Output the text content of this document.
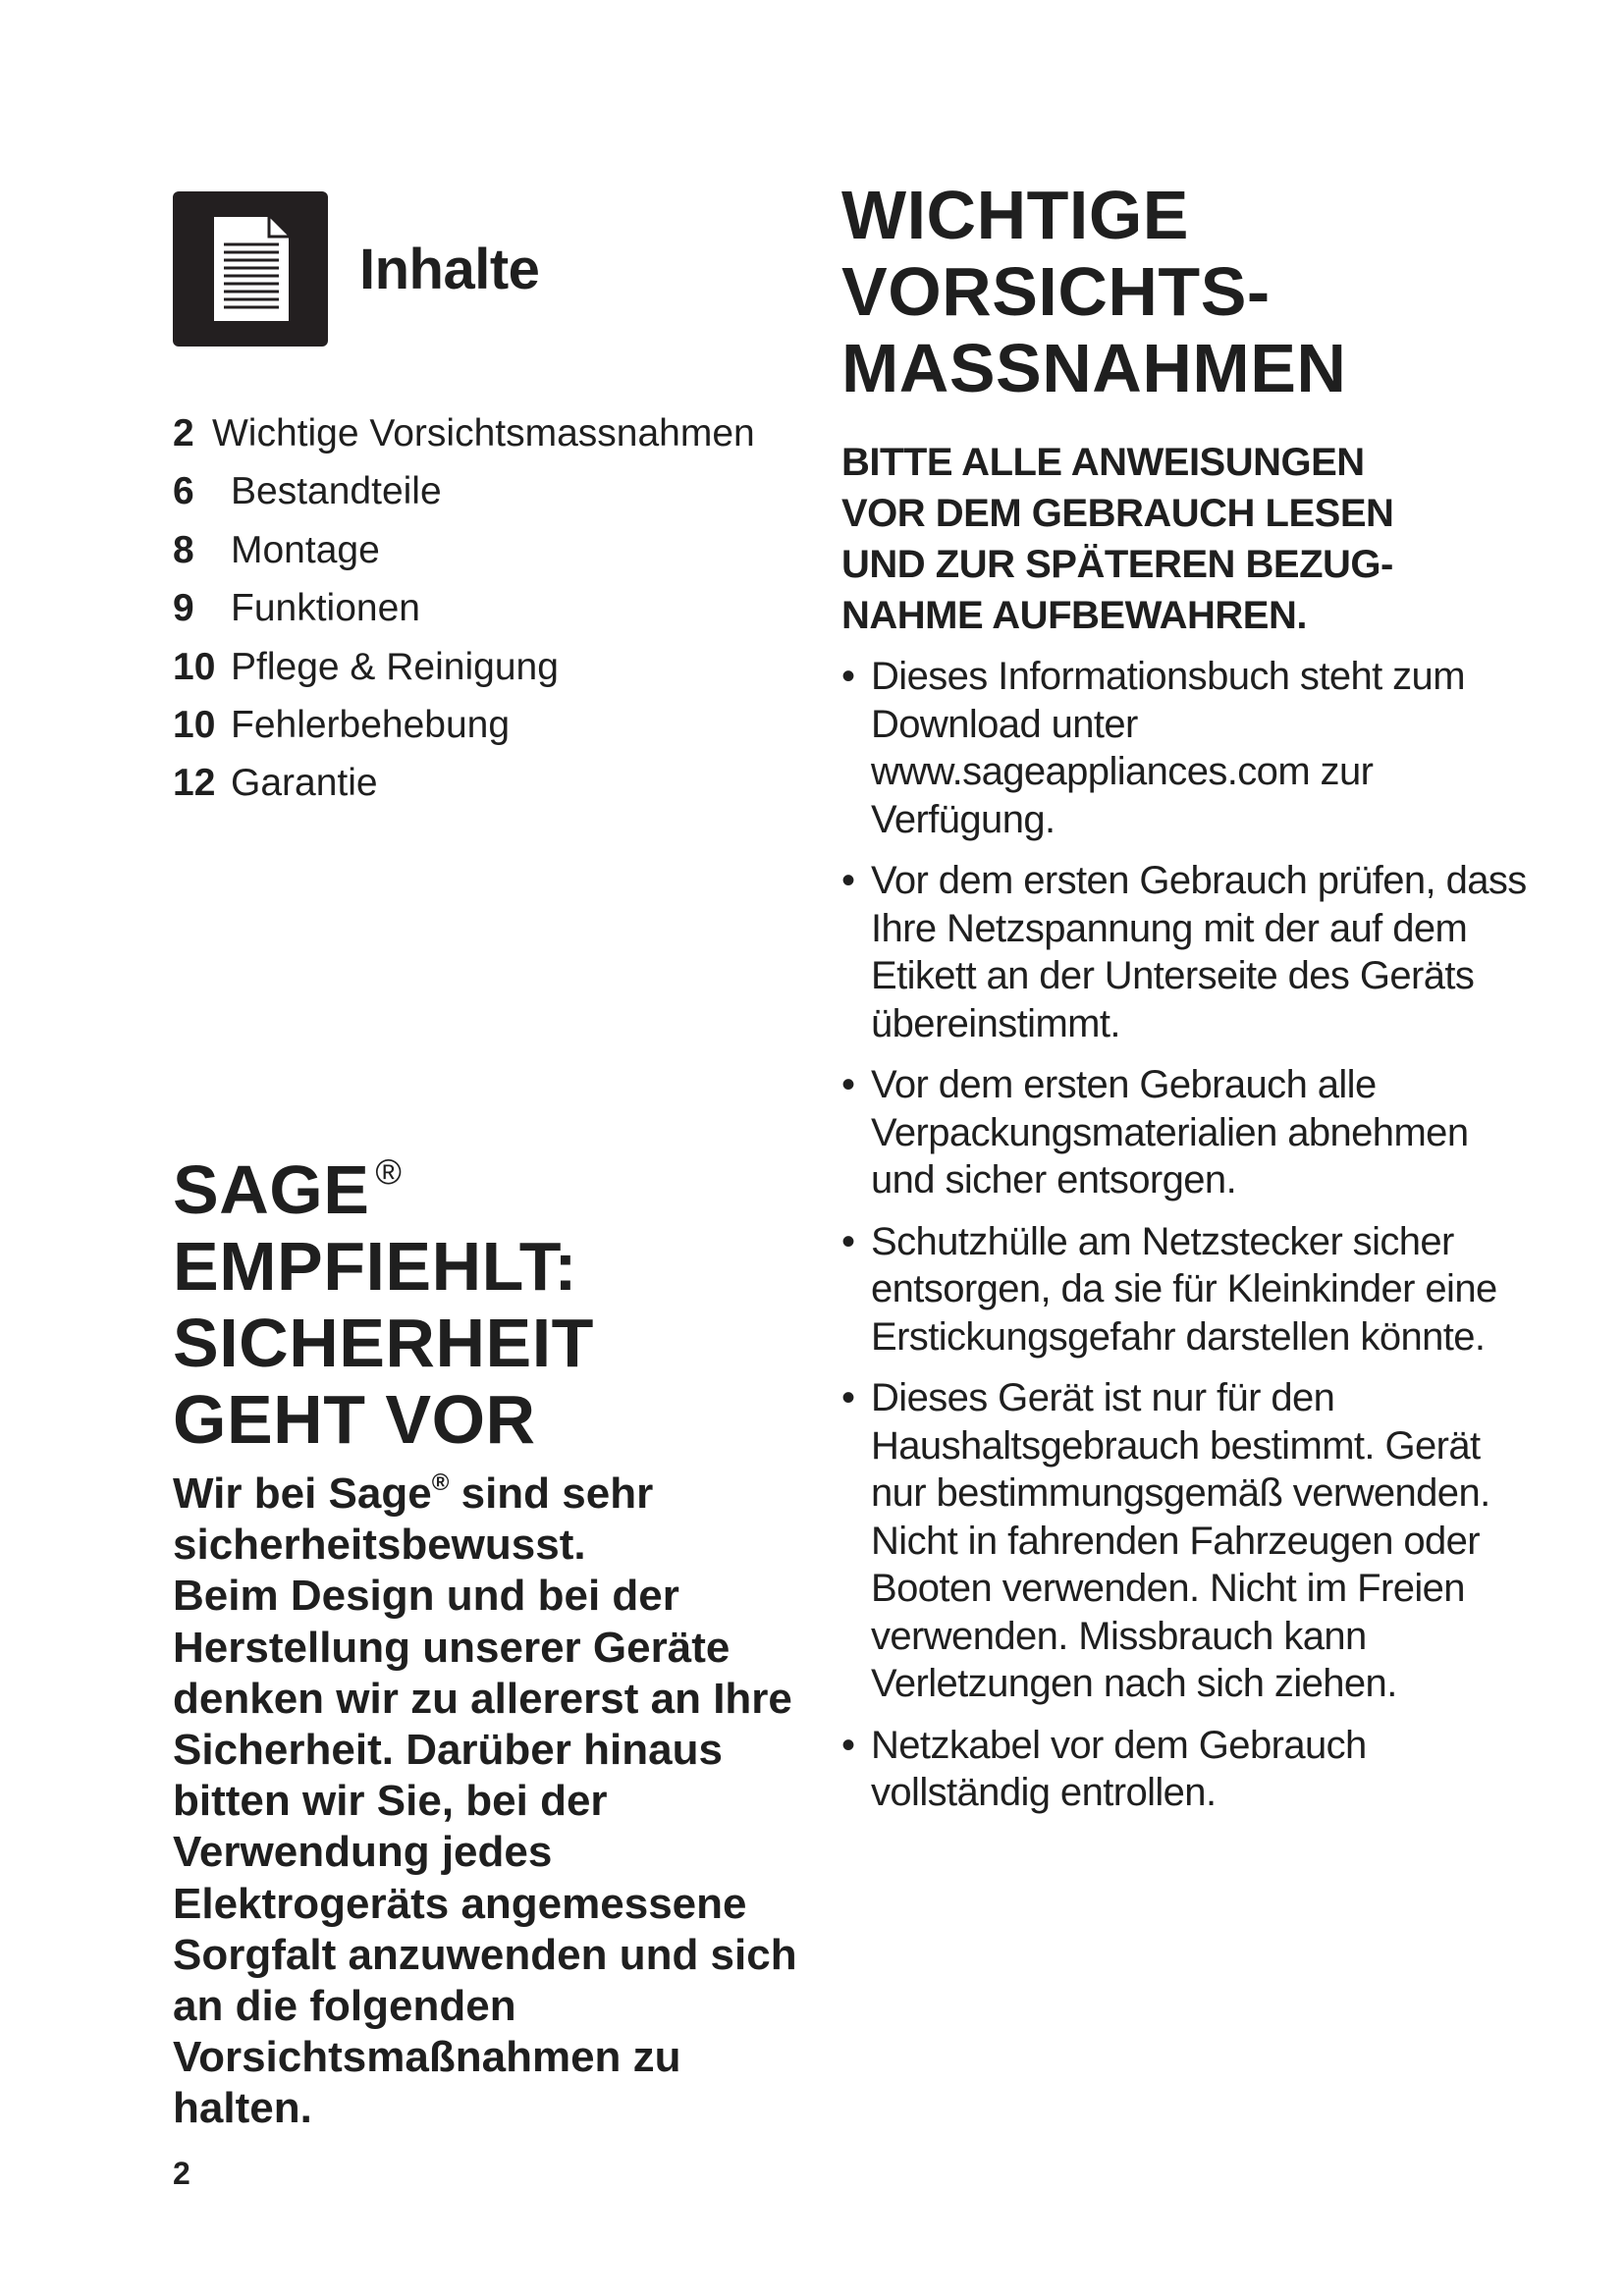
Inhalte
2 Wichtige Vorsichtsmassnahmen
6 Bestandteile
8 Montage
9 Funktionen
10 Pflege & Reinigung
10 Fehlerbehebung
12 Garantie
SAGE ®
EMPFIEHLT:
SICHERHEIT
GEHT VOR

Wir bei Sage® sind sehr sicherheitsbewusst.

Beim Design und bei der Herstellung unserer Geräte denken wir zu allererst an Ihre Sicherheit. Darüber hinaus bitten wir Sie, bei der Verwendung jedes Elektrogeräts angemessene Sorgfalt anzuwenden und sich an die folgenden Vorsichtsmaßnahmen zu halten.

2
WICHTIGE
VORSICHTS-
MASSNAHMEN
BITTE ALLE ANWEISUNGEN
VOR DEM GEBRAUCH LESEN
UND ZUR SPÄTEREN BEZUG-
NAHME AUFBEWAHREN.
• Dieses Informationsbuch steht zum Download unter www.sageappliances.com zur Verfügung.
• Vor dem ersten Gebrauch prüfen, dass Ihre Netzspannung mit der auf dem Etikett an der Unterseite des Geräts übereinstimmt.
• Vor dem ersten Gebrauch alle Verpackungsmaterialien abnehmen und sicher entsorgen.
• Schutzhülle am Netzstecker sicher entsorgen, da sie für Kleinkinder eine Erstickungsgefahr darstellen könnte.
• Dieses Gerät ist nur für den Haushaltsgebrauch bestimmt. Gerät nur bestimmungsgemäß verwenden. Nicht in fahrenden Fahrzeugen oder Booten verwenden. Nicht im Freien verwenden. Missbrauch kann Verletzungen nach sich ziehen.
• Netzkabel vor dem Gebrauch vollständig entrollen.
